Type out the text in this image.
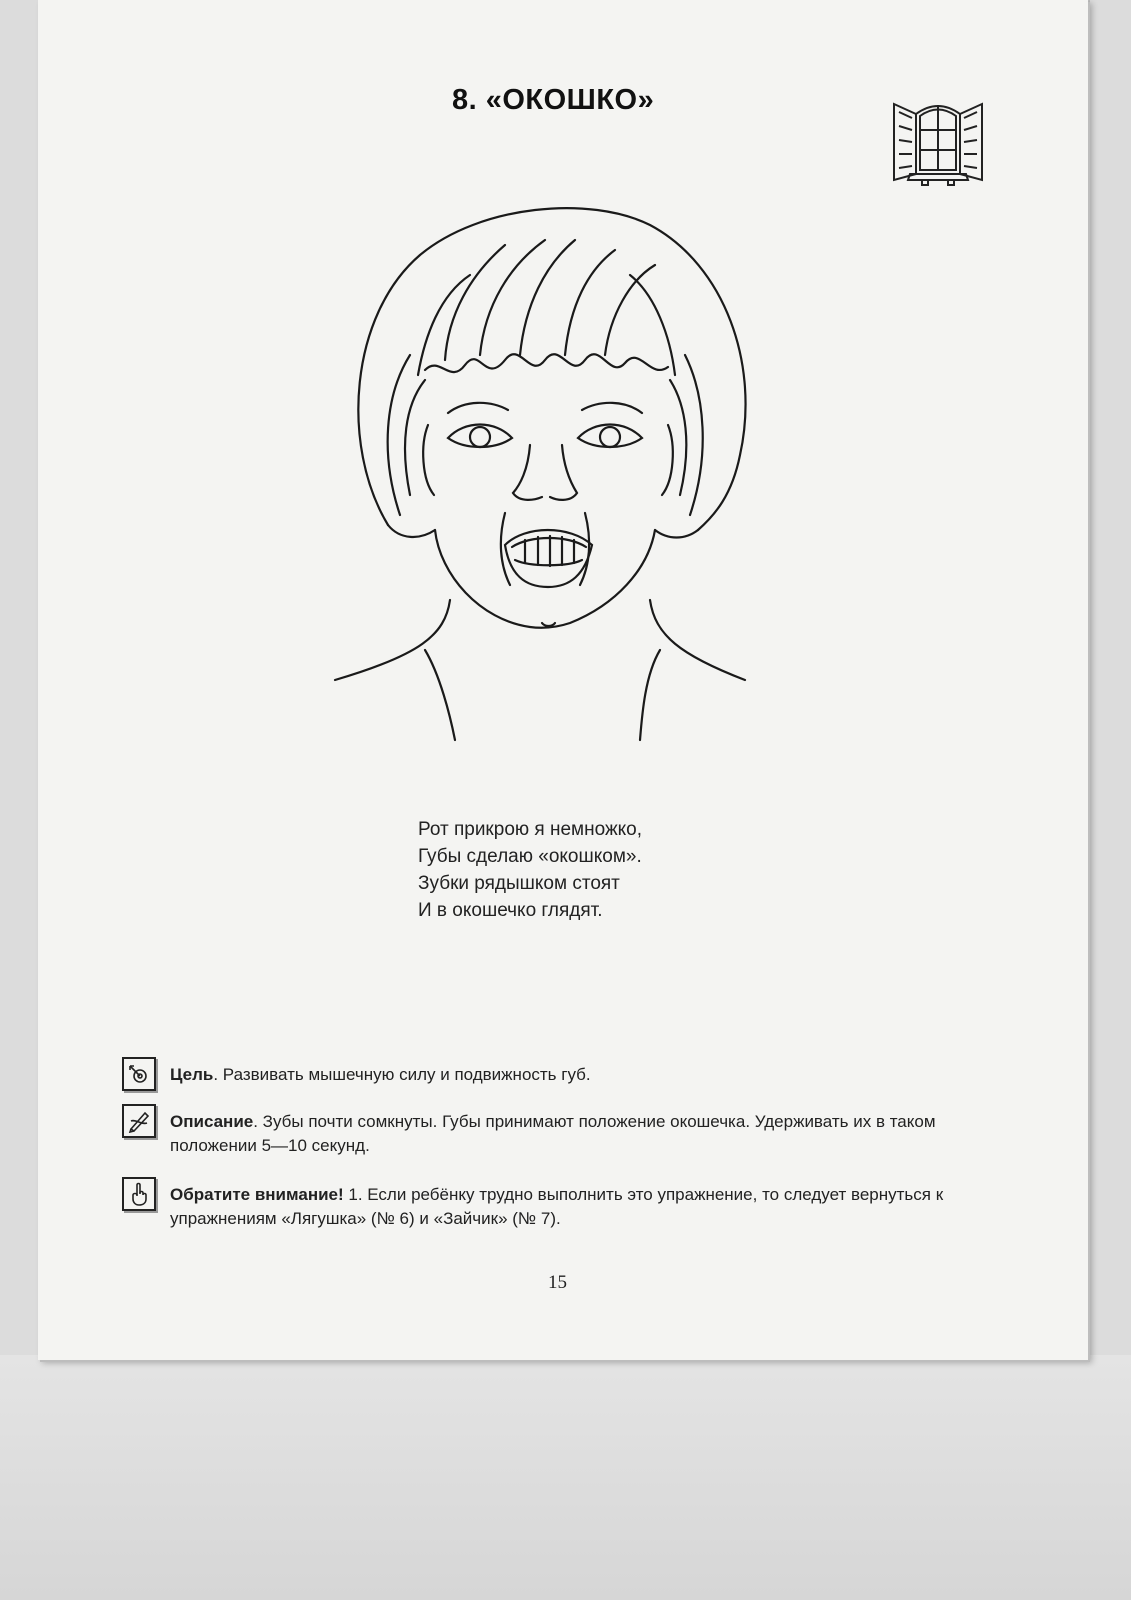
8. «ОКОШКО»
Рот прикрою я немножко,
Губы сделаю «окошком».
Зубки рядышком стоят
И в окошечко глядят.
Цель. Развивать мышечную силу и подвижность губ.
Описание. Зубы почти сомкнуты. Губы принимают положение окошечка. Удерживать их в таком положении 5—10 секунд.
Обратите внимание! 1. Если ребёнку трудно выполнить это упражнение, то следует вернуться к упражнениям «Лягушка» (№ 6) и «Зайчик» (№ 7).
15
